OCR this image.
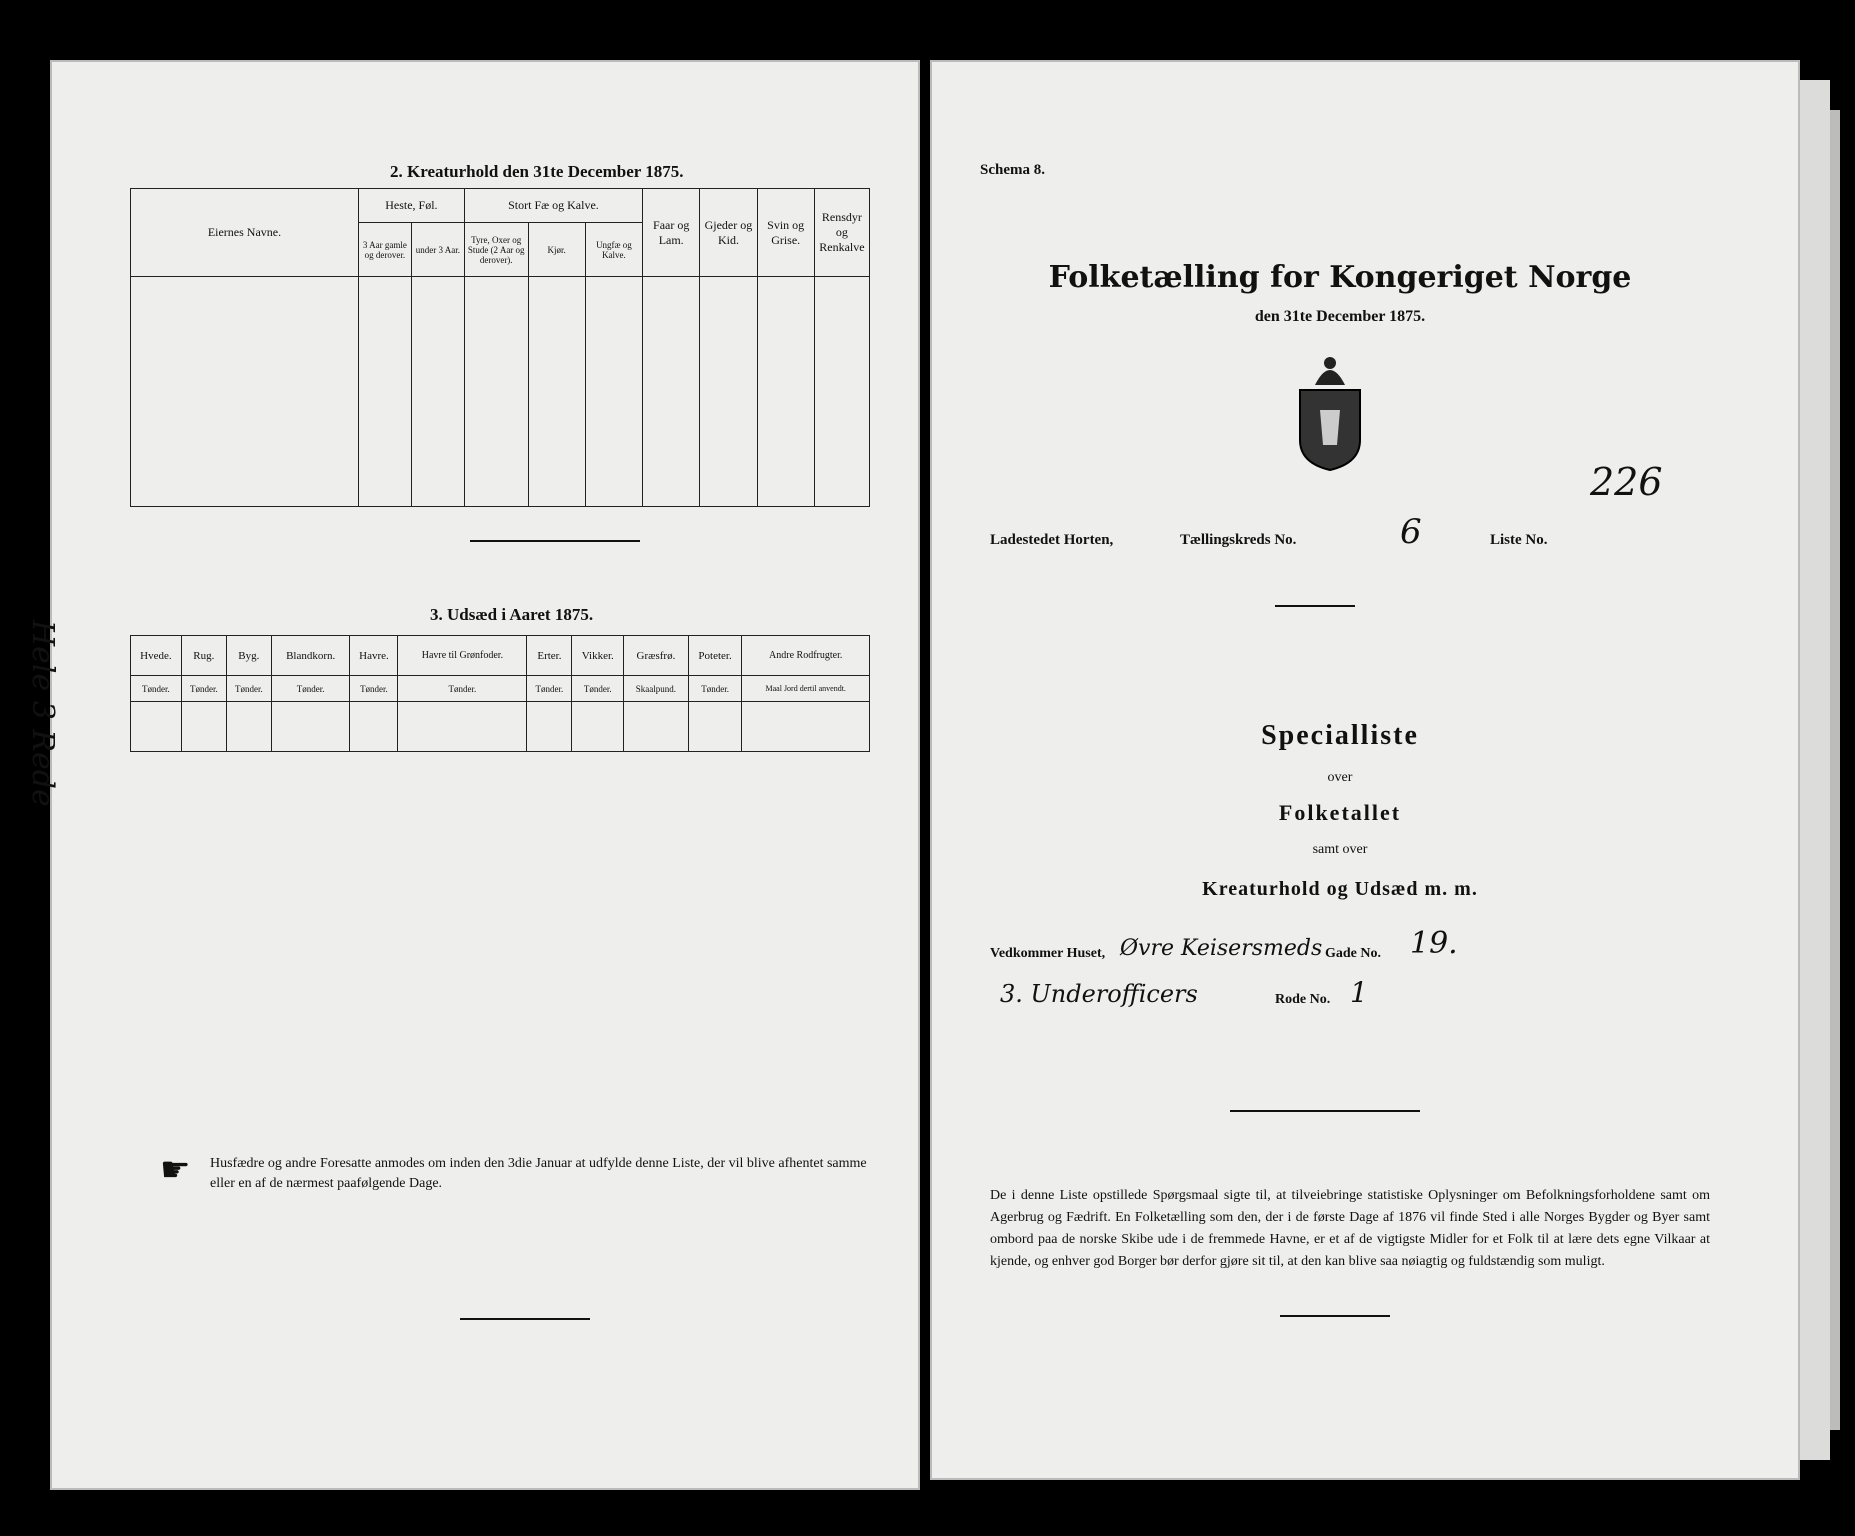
2. Kreaturhold den 31te December 1875.
Eiernes Navne.	Heste, Føl.		Stort Fæ og Kalve.			Faar og Lam.	Gjeder og Kid.	Svin og Grise.	Rensdyr og Renkalve
	3 Aar gamle og derover.	under 3 Aar.	Tyre, Oxer og Stude (2 Aar og derover).	Kjør.	Ungfæ og Kalve.				

3. Udsæd i Aaret 1875.
Hvede.	Rug.	Byg.	Blandkorn.	Havre.	Havre til Grønfoder.	Erter.	Vikker.	Græsfrø.	Poteter.	Andre Rodfrugter.
Tønder.	Tønder.	Tønder.	Tønder.	Tønder.	Tønder.	Tønder.	Tønder.	Skaalpund.	Tønder.	Maal Jord dertil anvendt.

Hele 3 Rede
☛ Husfædre og andre Foresatte anmodes om inden den 3die Januar at udfylde denne Liste, der vil blive afhentet samme eller en af de nærmest paafølgende Dage.
Schema 8.
Folketælling for Kongeriget Norge
den 31te December 1875.
Ladestedet Horten,	Tællingskreds No.	6	Liste No.
226
Specialliste
over
Folketallet
samt over
Kreaturhold og Udsæd m. m.
Vedkommer Huset, Øvre Keisersmeds Gade No. 19.
3. Underofficers	Rode No. 1
De i denne Liste opstillede Spørgsmaal sigte til, at tilveiebringe statistiske Oplysninger om Befolkningsforholdene samt om Agerbrug og Fædrift. En Folketælling som den, der i de første Dage af 1876 vil finde Sted i alle Norges Bygder og Byer samt ombord paa de norske Skibe ude i de fremmede Havne, er et af de vigtigste Midler for et Folk til at lære dets egne Vilkaar at kjende, og enhver god Borger bør derfor gjøre sit til, at den kan blive saa nøiagtig og fuldstændig som muligt.
